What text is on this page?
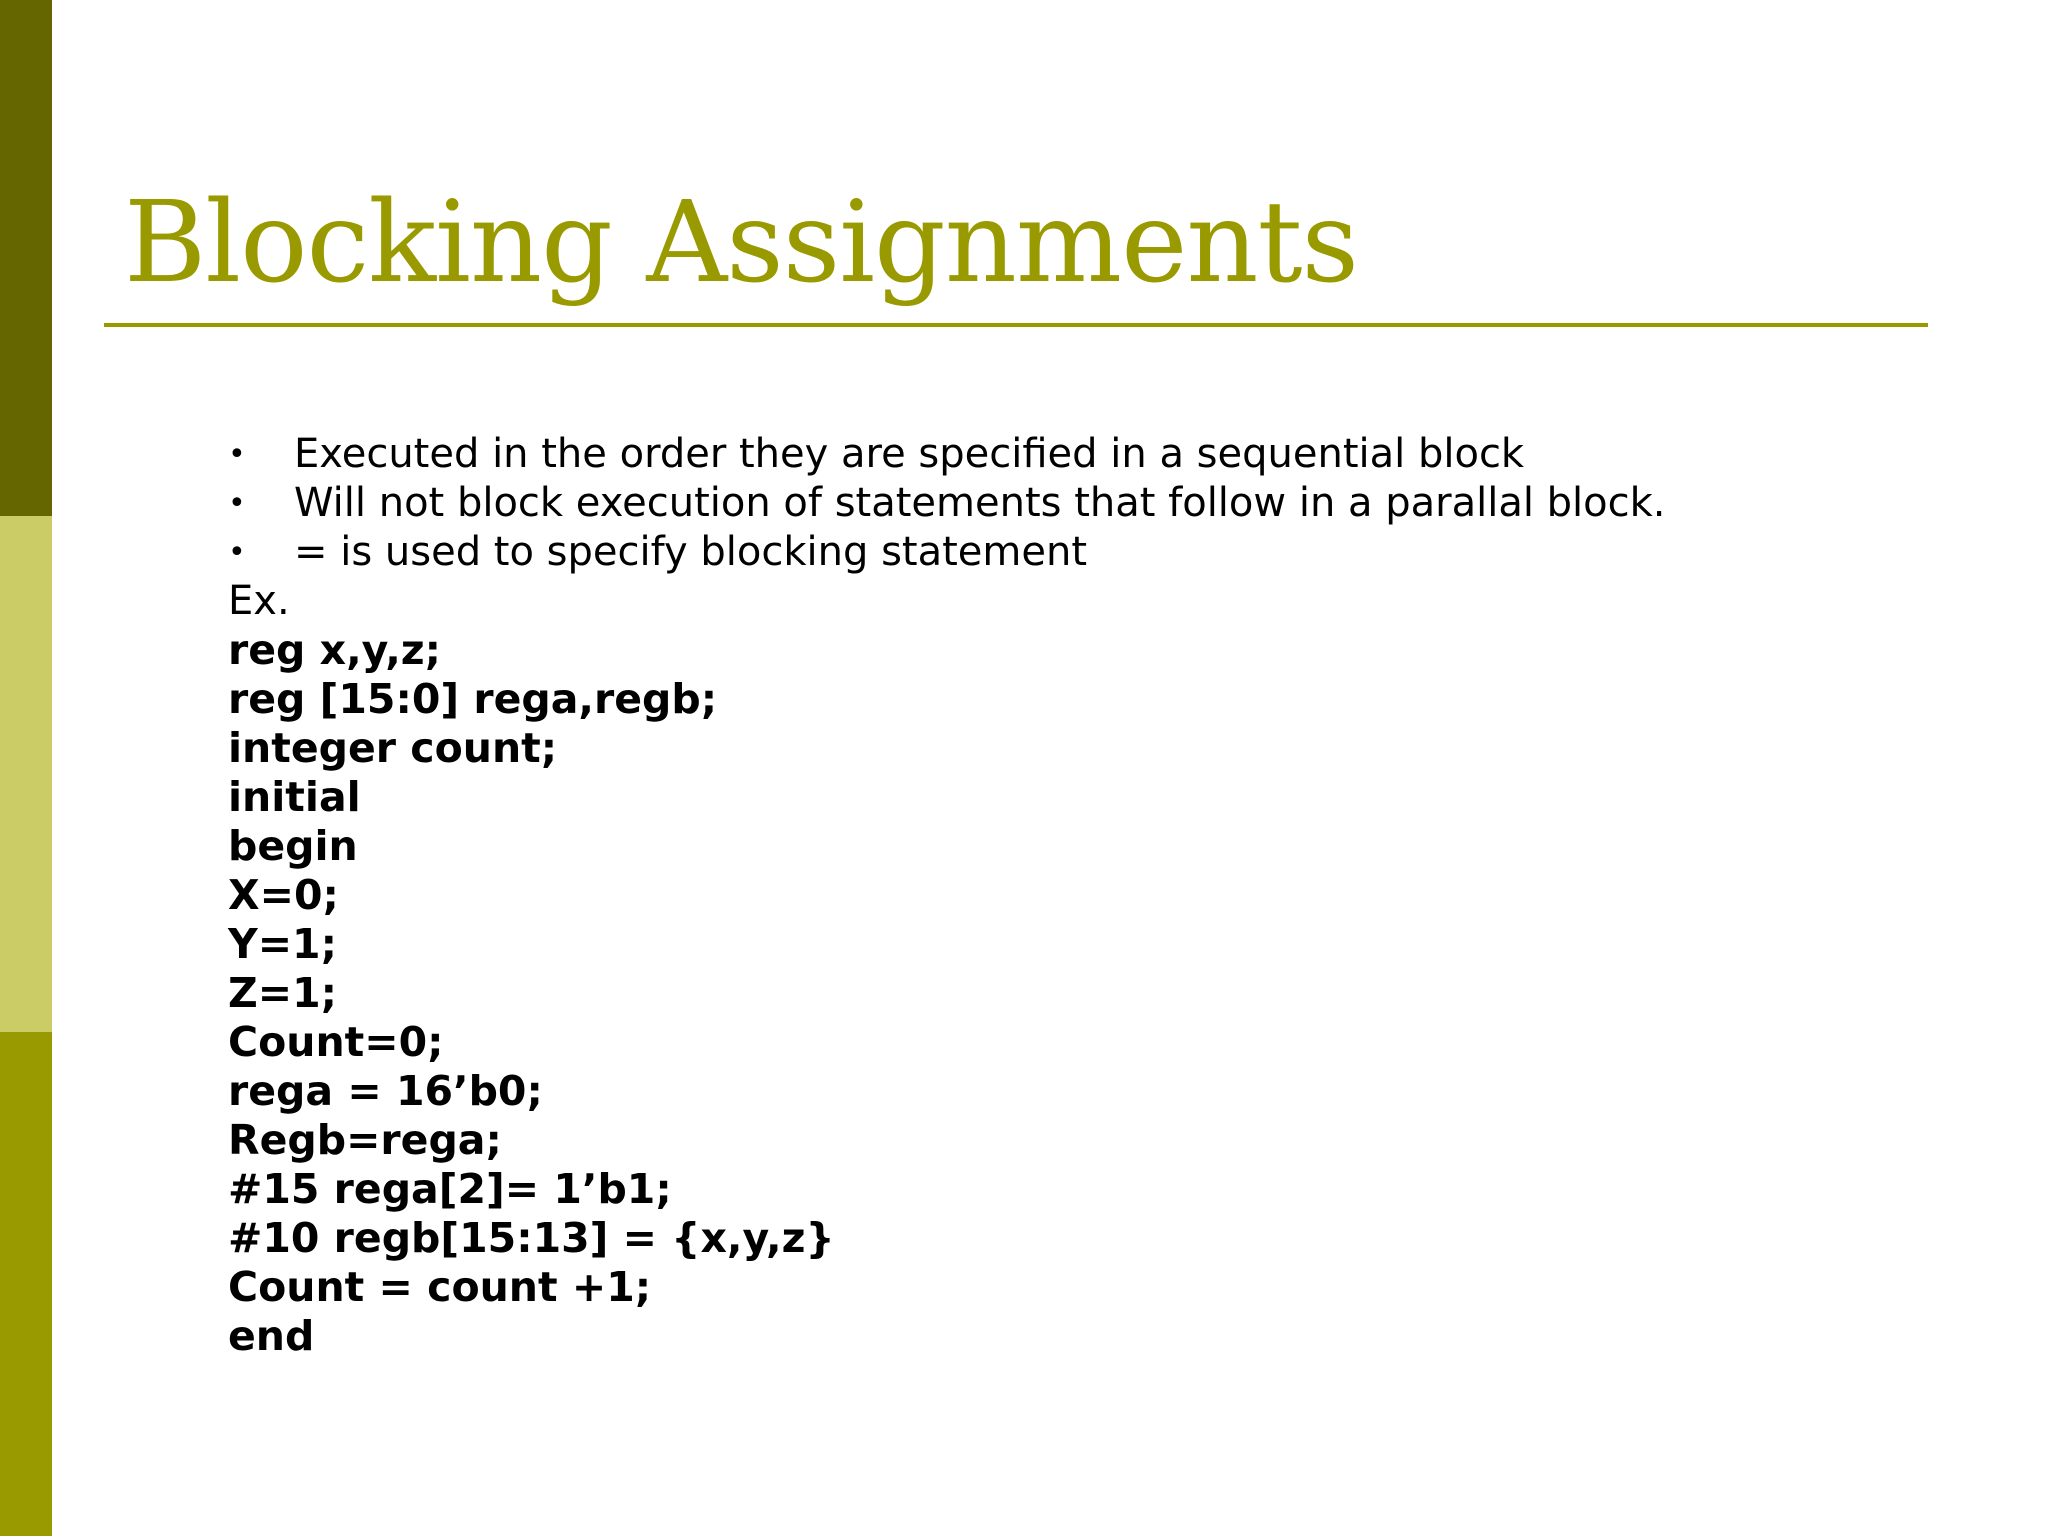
Blocking Assignments
• Executed in the order they are specified in a sequential block
• Will not block execution of statements that follow in a parallal block.
• = is used to specify blocking statement
Ex.
reg x,y,z;
reg [15:0] rega,regb;
integer count;
initial
begin
X=0;
Y=1;
Z=1;
Count=0;
rega = 16’b0;
Regb=rega;
#15 rega[2]= 1’b1;
#10 regb[15:13] = {x,y,z}
Count = count +1;
end
